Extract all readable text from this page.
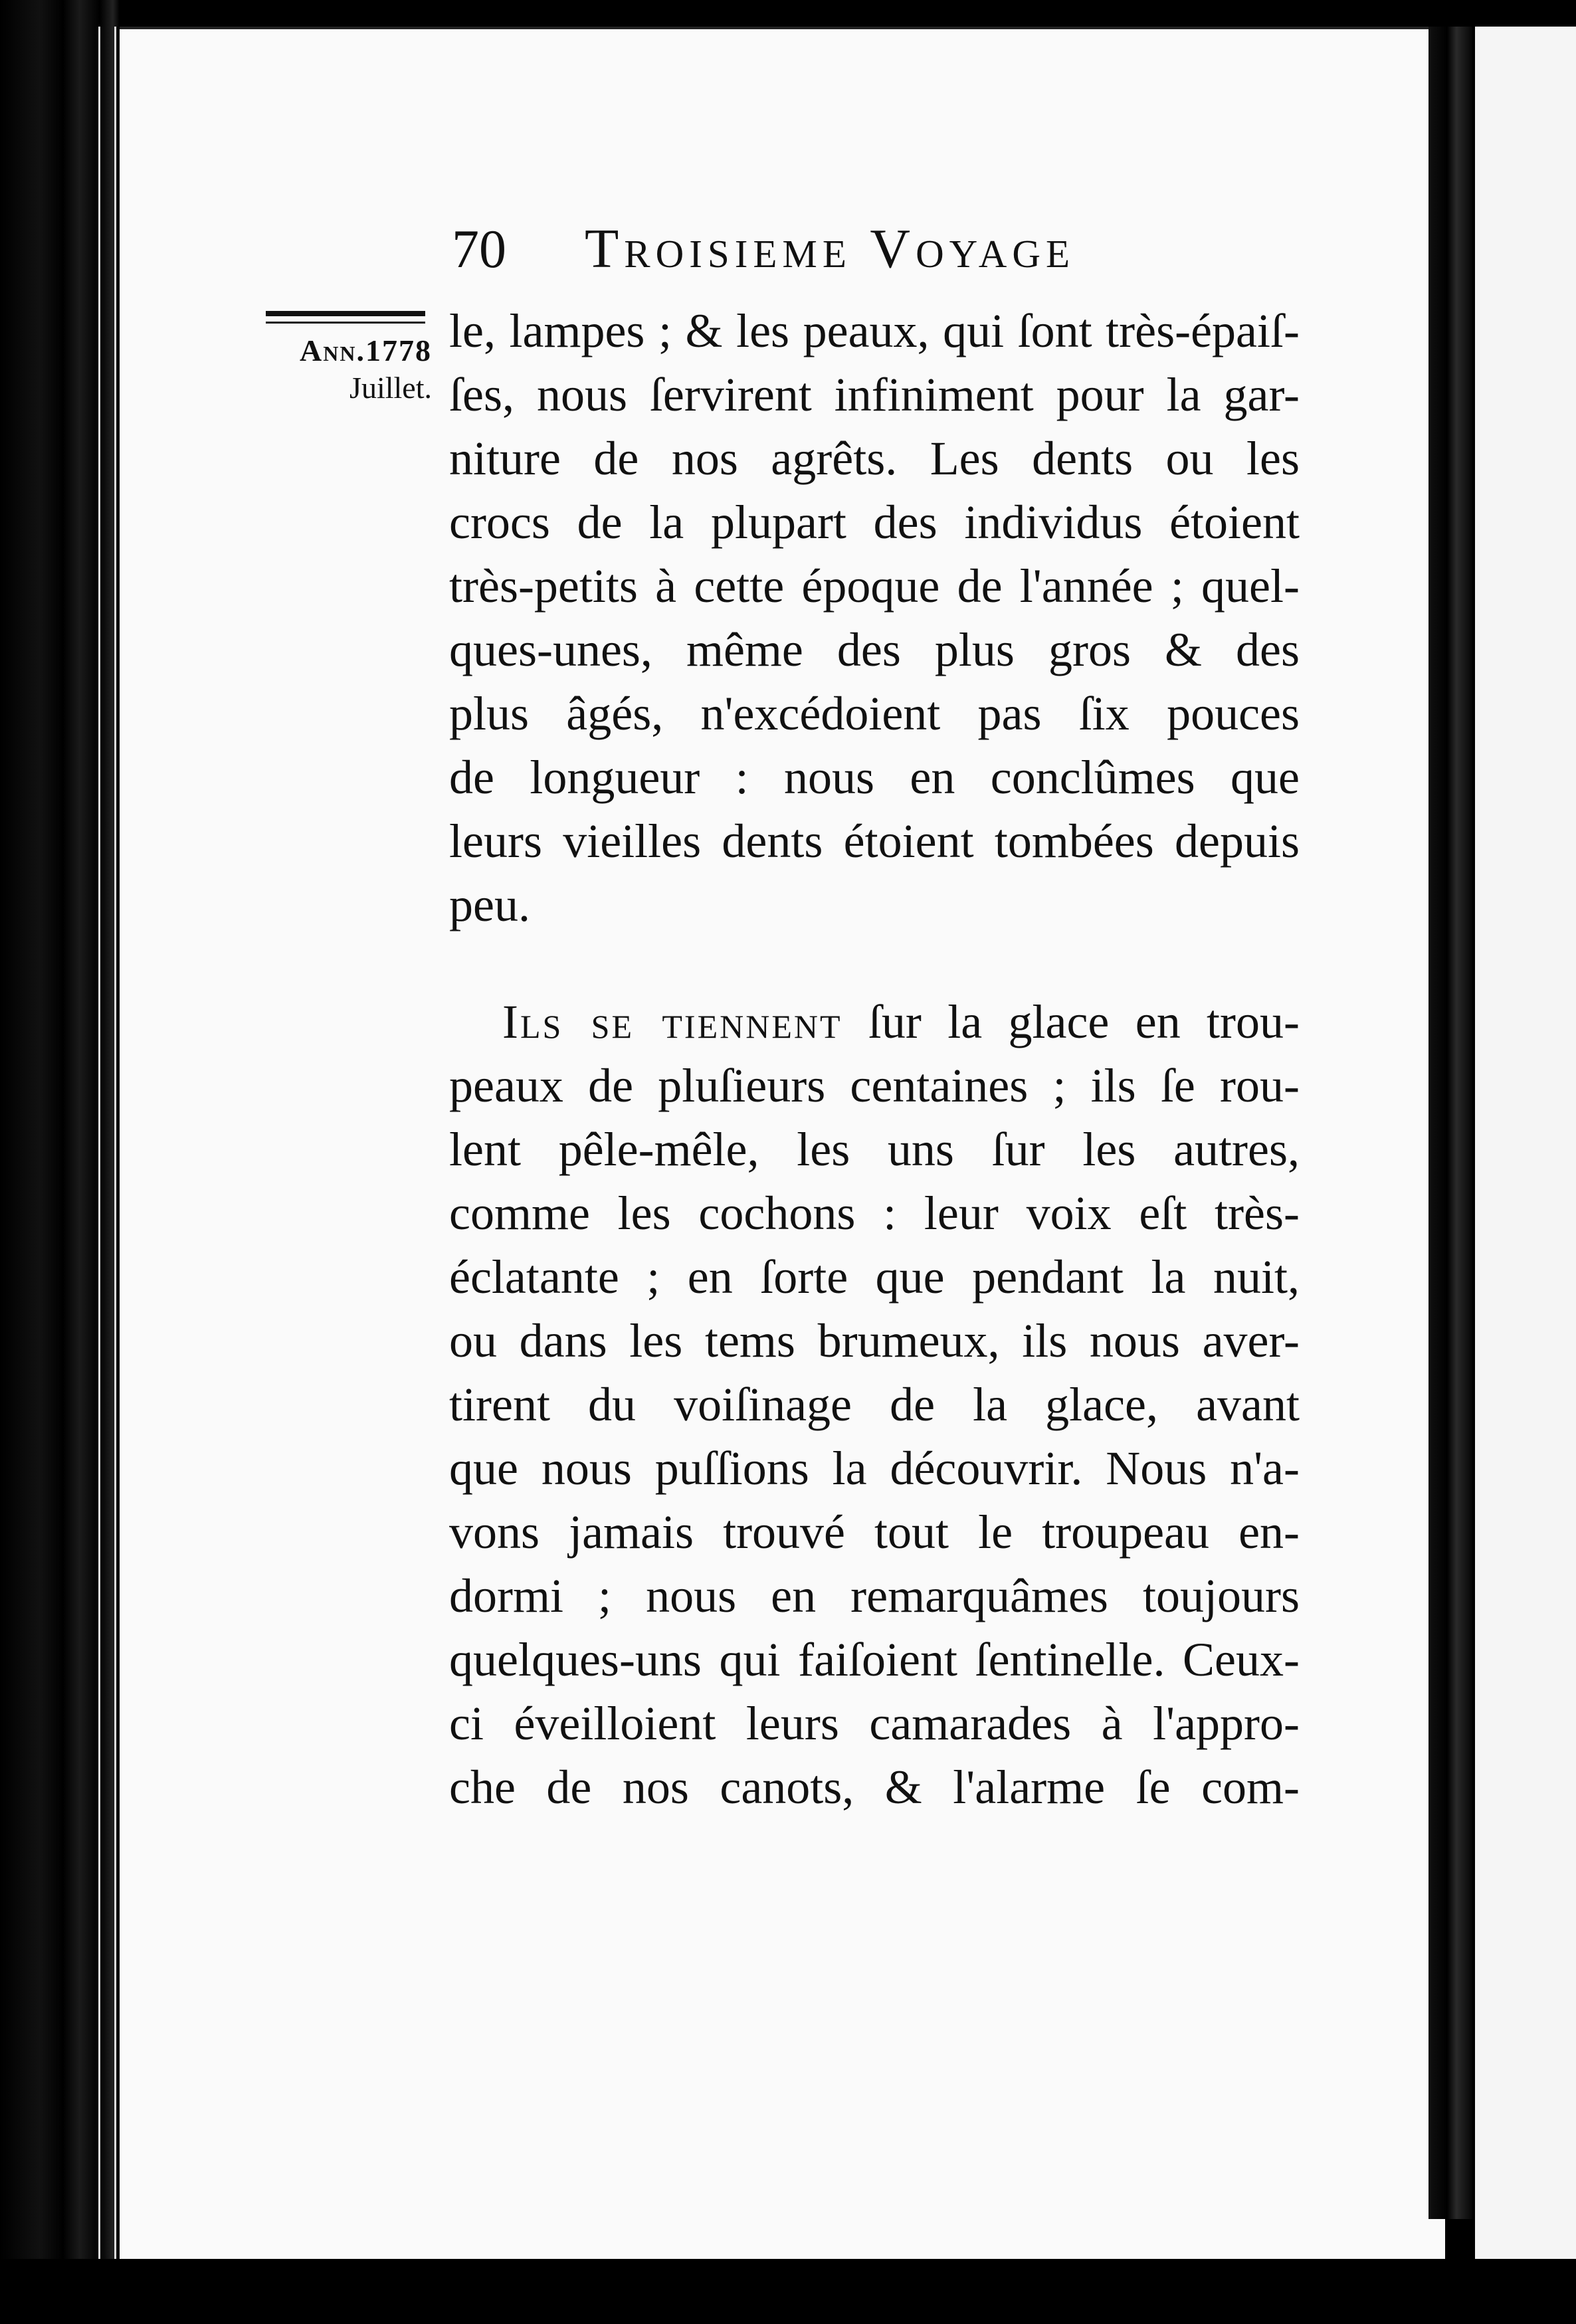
70 Troisieme Voyage
Ann.1778
Juillet.
le, lampes ; & les peaux, qui ſont très-épaiſ-
ſes, nous ſervirent infiniment pour la gar-
niture de nos agrêts. Les dents ou les
crocs de la plupart des individus étoient
très-petits à cette époque de l'année ; quel-
ques-unes, même des plus gros & des
plus âgés, n'excédoient pas ſix pouces
de longueur : nous en conclûmes que
leurs vieilles dents étoient tombées depuis
peu.
Ils se tiennent ſur la glace en trou-
peaux de pluſieurs centaines ; ils ſe rou-
lent pêle-mêle, les uns ſur les autres,
comme les cochons : leur voix eſt très-
éclatante ; en ſorte que pendant la nuit,
ou dans les tems brumeux, ils nous aver-
tirent du voiſinage de la glace, avant
que nous puſſions la découvrir. Nous n'a-
vons jamais trouvé tout le troupeau en-
dormi ; nous en remarquâmes toujours
quelques-uns qui faiſoient ſentinelle. Ceux-
ci éveilloient leurs camarades à l'appro-
che de nos canots, & l'alarme ſe com-
